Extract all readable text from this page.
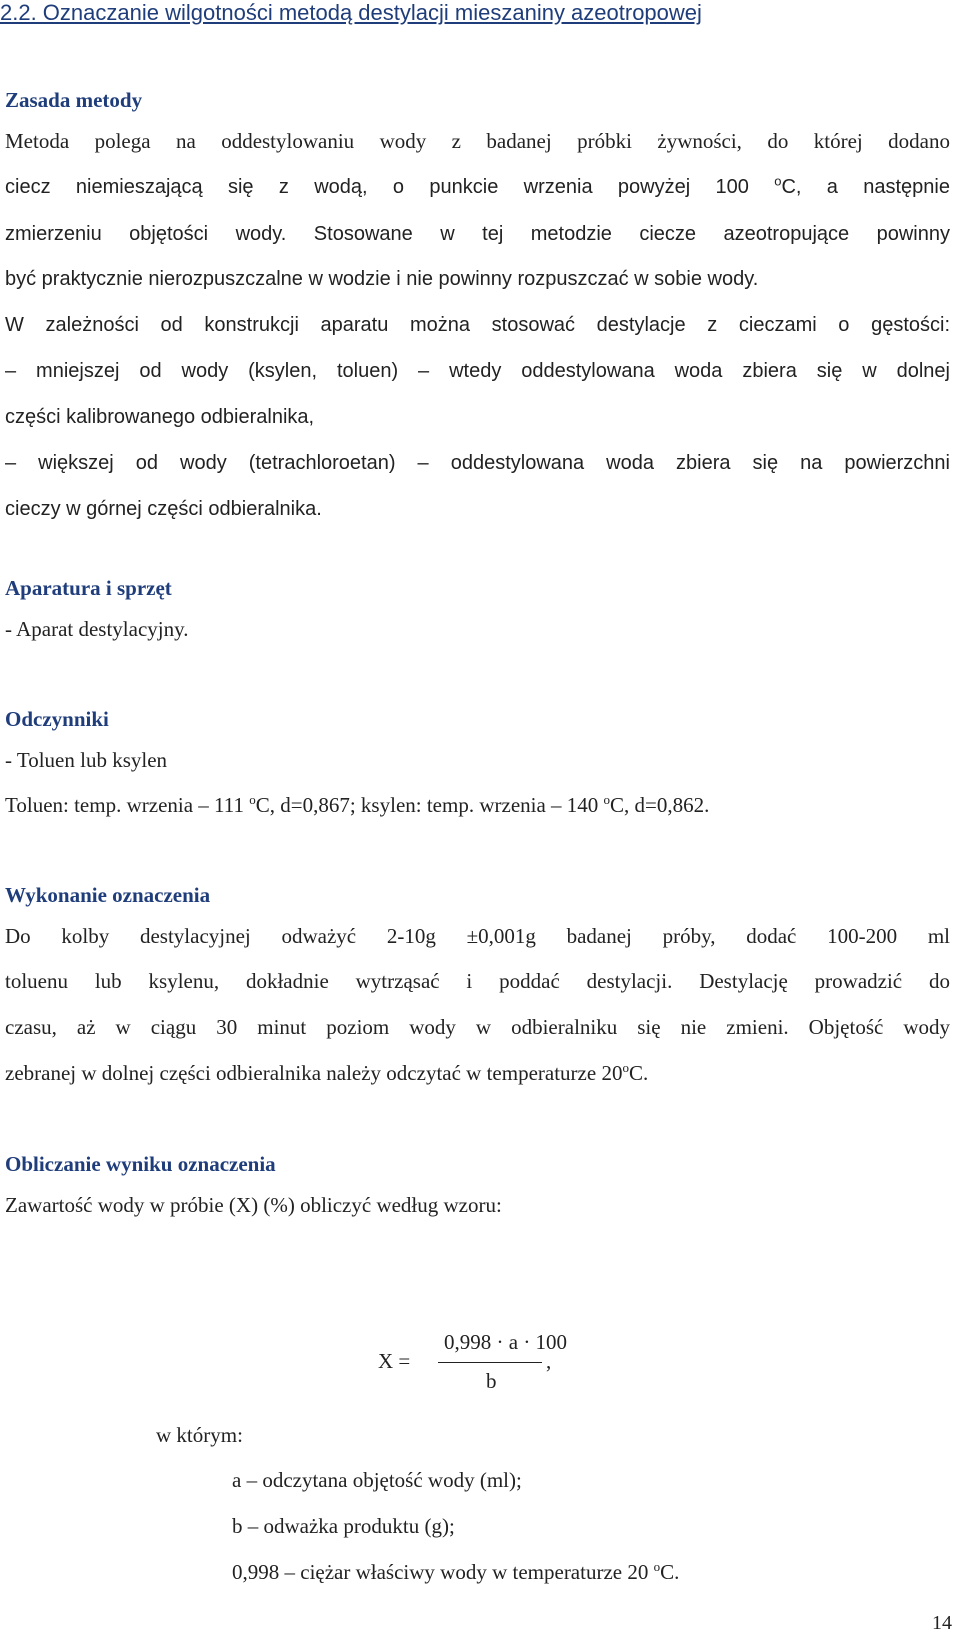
2.2. Oznaczanie wilgotności metodą destylacji mieszaniny azeotropowej
Zasada metody
Metoda polega na oddestylowaniu wody z badanej próbki żywności, do której dodano
ciecz niemieszającą się z wodą, o punkcie wrzenia powyżej 100 $^o$C, a następnie
zmierzeniu objętości wody. Stosowane w tej metodzie ciecze azeotropujące powinny
być praktycznie nierozpuszczalne w wodzie i nie powinny rozpuszczać w sobie wody.
W zależności od konstrukcji aparatu można stosować destylacje z cieczami o gęstości:
– mniejszej od wody (ksylen, toluen) – wtedy oddestylowana woda zbiera się w dolnej
części kalibrowanego odbieralnika,
– większej od wody (tetrachloroetan) – oddestylowana woda zbiera się na powierzchni
cieczy w górnej części odbieralnika.
Aparatura i sprzęt
- Aparat destylacyjny.
Odczynniki
- Toluen lub ksylen
Toluen: temp. wrzenia – 111 $^o$C, d=0,867; ksylen: temp. wrzenia – 140 $^o$C, d=0,862.
Wykonanie oznaczenia
Do kolby destylacyjnej odważyć 2-10g ±0,001g badanej próby, dodać 100-200 ml
toluenu lub ksylenu, dokładnie wytrząsać i poddać destylacji. Destylację prowadzić do
czasu, aż w ciągu 30 minut poziom wody w odbieralniku się nie zmieni. Objętość wody
zebranej w dolnej części odbieralnika należy odczytać w temperaturze 20$^o$C.
Obliczanie wyniku oznaczenia
Zawartość wody w próbie (X) (%) obliczyć według wzoru:
X =
0,998 · a · 100
b
,
w którym:
a – odczytana objętość wody (ml);
b – odważka produktu (g);
0,998 – ciężar właściwy wody w temperaturze 20 $^o$C.
14
